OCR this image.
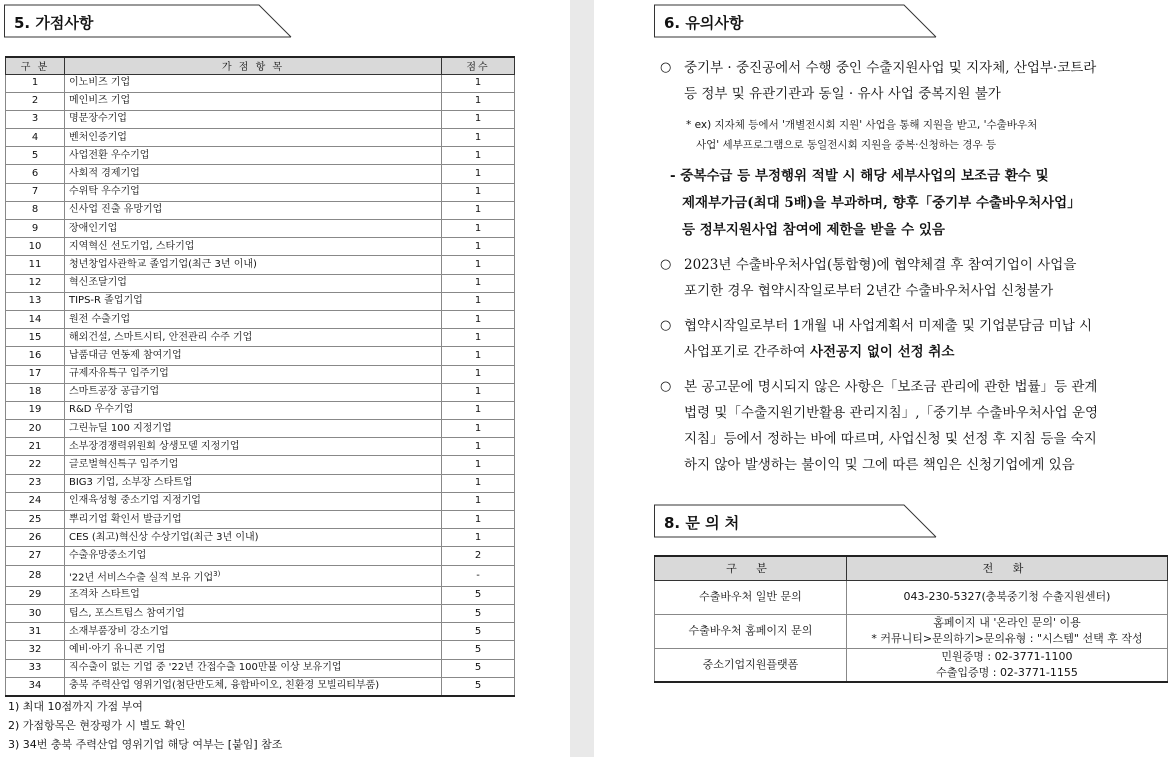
5. 가점사항
구 분	가 점 항 목	점수
1	이노비즈 기업	1
2	메인비즈 기업	1
3	명문장수기업	1
4	벤처인증기업	1
5	사업전환 우수기업	1
6	사회적 경제기업	1
7	수위탁 우수기업	1
8	신사업 진출 유망기업	1
9	장애인기업	1
10	지역혁신 선도기업, 스타기업	1
11	청년창업사관학교 졸업기업(최근 3년 이내)	1
12	혁신조달기업	1
13	TIPS-R 졸업기업	1
14	원전 수출기업	1
15	해외건설, 스마트시티, 안전관리 수주 기업	1
16	납품대금 연동제 참여기업	1
17	규제자유특구 입주기업	1
18	스마트공장 공급기업	1
19	R&D 우수기업	1
20	그린뉴딜 100 지정기업	1
21	소부장경쟁력위원회 상생모델 지정기업	1
22	글로벌혁신특구 입주기업	1
23	BIG3 기업, 소부장 스타트업	1
24	인재육성형 중소기업 지정기업	1
25	뿌리기업 확인서 발급기업	1
26	CES (최고)혁신상 수상기업(최근 3년 이내)	1
27	수출유망중소기업	2
28	'22년 서비스수출 실적 보유 기업$^{3)}$	-
29	조격차 스타트업	5
30	팁스, 포스트팁스 참여기업	5
31	소재부품장비 강소기업	5
32	예비·아기 유니콘 기업	5
33	직수출이 없는 기업 중 '22년 간접수출 100만불 이상 보유기업	5
34	충북 주력산업 영위기업(첨단반도체, 융합바이오, 친환경 모빌리티부품)	5

1) 최대 10점까지 가점 부여

2) 가점항목은 현장평가 시 별도 확인

3) 34번 충북 주력산업 영위기업 해당 여부는 [붙임] 참조

6. 유의사항
○ 중기부 · 중진공에서 수행 중인 수출지원사업 및 지자체, 산업부·코트라

등 정부 및 유관기관과 동일 · 유사 사업 중복지원 불가

* ex) 지자체 등에서 '개별전시회 지원' 사업을 통해 지원을 받고, '수출바우처

사업' 세부프로그램으로 동일전시회 지원을 중복·신청하는 경우 등

- 중복수급 등 부정행위 적발 시 해당 세부사업의 보조금 환수 및

제재부가금(최대 5배)을 부과하며, 향후「중기부 수출바우처사업」

등 정부지원사업 참여에 제한을 받을 수 있음

○ 2023년 수출바우처사업(통합형)에 협약체결 후 참여기업이 사업을

포기한 경우 협약시작일로부터 2년간 수출바우처사업 신청불가

○ 협약시작일로부터 1개월 내 사업계획서 미제출 및 기업분담금 미납 시

사업포기로 간주하여 사전공지 없이 선정 취소

○ 본 공고문에 명시되지 않은 사항은「보조금 관리에 관한 법률」등 관계

법령 및「수출지원기반활용 관리지침」,「중기부 수출바우처사업 운영

지침」등에서 정하는 바에 따르며, 사업신청 및 선정 후 지침 등을 숙지

하지 않아 발생하는 불이익 및 그에 따른 책임은 신청기업에게 있음

8. 문 의 처
구 분	전 화
수출바우처 일반 문의	043-230-5327(충북중기청 수출지원센터)

수출바우처 홈페이지 문의	홈페이지 내 '온라인 문의' 이용
* 커뮤니티>문의하기>문의유형 : "시스템" 선택 후 작성

중소기업지원플랫폼	민원증명 : 02-3771-1100
수출입증명 : 02-3771-1155
